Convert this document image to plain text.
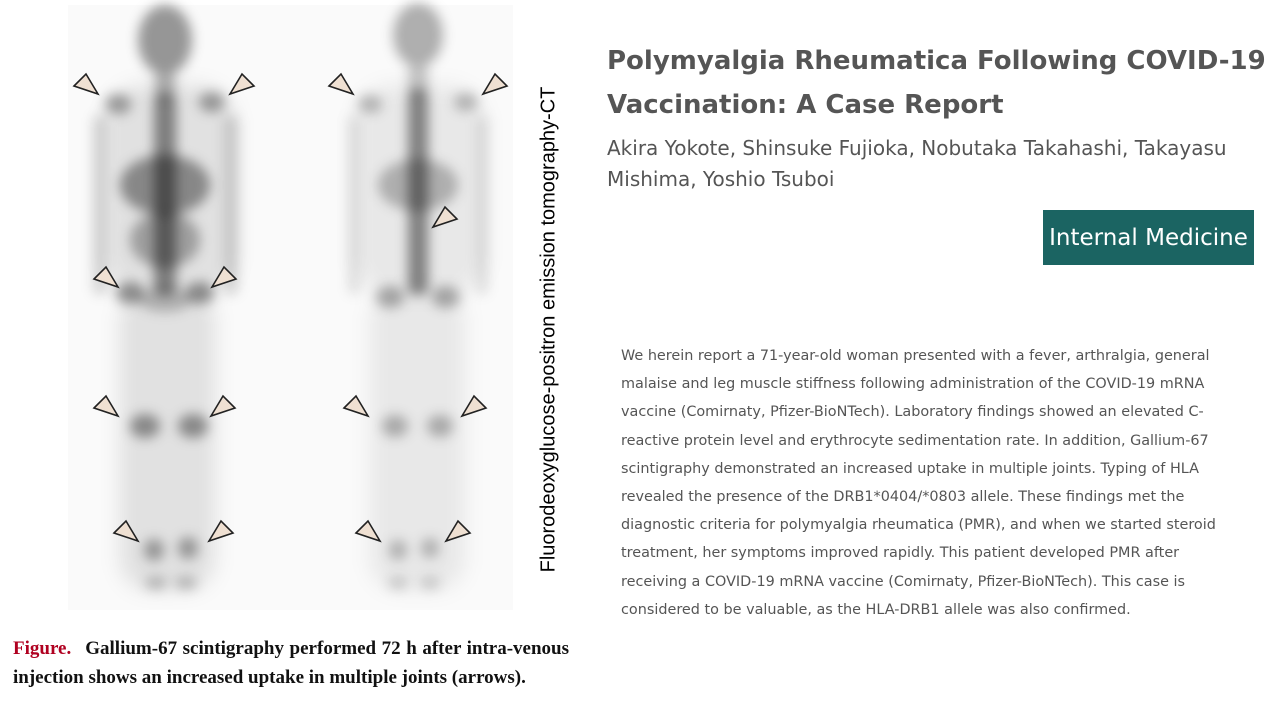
Fluorodeoxyglucose-positron emission tomography-CT
Figure. Gallium-67 scintigraphy performed 72 h after intra-venous injection shows an increased uptake in multiple joints (arrows).
Polymyalgia Rheumatica Following COVID-19 Vaccination: A Case Report
Akira Yokote, Shinsuke Fujioka, Nobutaka Takahashi, Takayasu Mishima, Yoshio Tsuboi
Internal Medicine

We herein report a 71-year-old woman presented with a fever, arthralgia, general malaise and leg muscle stiffness following administration of the COVID-19 mRNA vaccine (Comirnaty, Pfizer-BioNTech). Laboratory findings showed an elevated C-reactive protein level and erythrocyte sedimentation rate. In addition, Gallium-67 scintigraphy demonstrated an increased uptake in multiple joints. Typing of HLA revealed the presence of the DRB1*0404/*0803 allele. These findings met the diagnostic criteria for polymyalgia rheumatica (PMR), and when we started steroid treatment, her symptoms improved rapidly. This patient developed PMR after receiving a COVID-19 mRNA vaccine (Comirnaty, Pfizer-BioNTech). This case is considered to be valuable, as the HLA-DRB1 allele was also confirmed.
